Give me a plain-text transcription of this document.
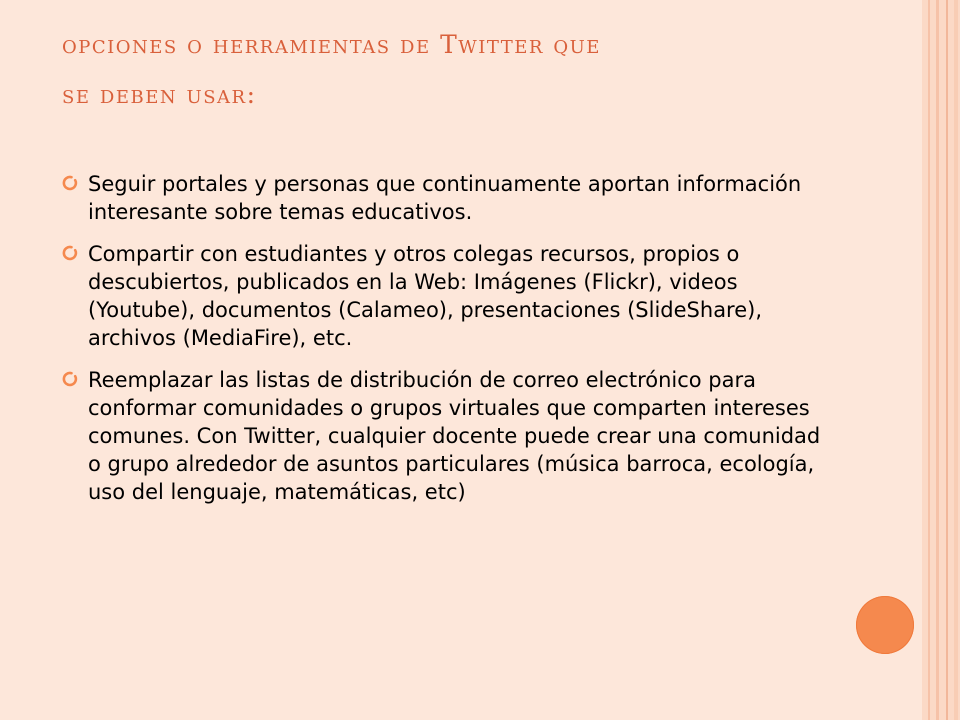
opciones o herramientas de Twitter que
se deben usar:
Seguir portales y personas que continuamente aportan información interesante sobre temas educativos.
Compartir con estudiantes y otros colegas recursos, propios o descubiertos, publicados en la Web: Imágenes (Flickr), videos (Youtube), documentos (Calameo), presentaciones (SlideShare), archivos (MediaFire), etc.
Reemplazar las listas de distribución de correo electrónico para conformar comunidades o grupos virtuales que comparten intereses comunes. Con Twitter, cualquier docente puede crear una comunidad o grupo alrededor de asuntos particulares (música barroca, ecología, uso del lenguaje, matemáticas, etc)
